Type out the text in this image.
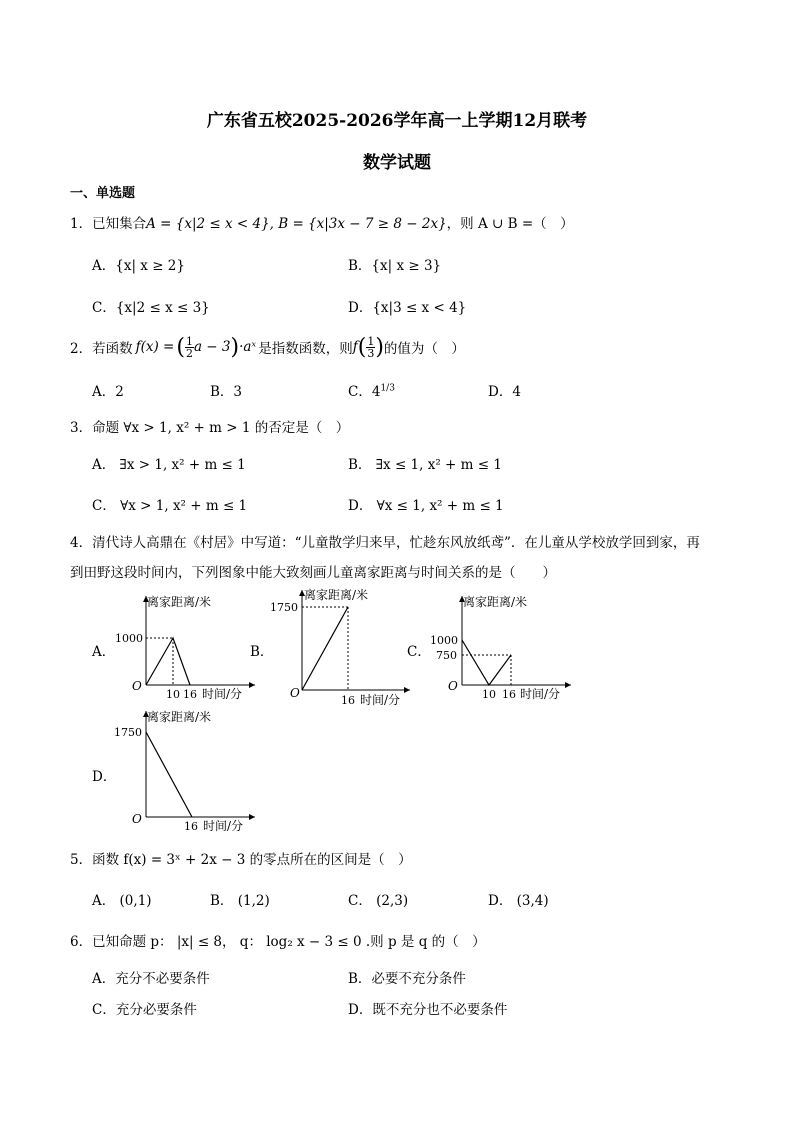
广东省五校2025-2026学年高一上学期12月联考
数学试题
一、单选题
1．已知集合A = {x|2 ≤ x < 4}, B = {x|3x − 7 ≥ 8 − 2x}，则 A ∪ B =（　）
A．{x| x ≥ 2}	B．{x| x ≥ 3}
C．{x|2 ≤ x ≤ 3}	D．{x|3 ≤ x < 4}
2．若函数 f(x) = ( $\frac{1}{2}$ a − 3 ) ·aˣ 是指数函数，则 f ( $\frac{1}{3}$ ) 的值为（　）
A．2	B．3	C．$4^{1/3}$	D．4
3．命题 ∀x > 1, x² + m > 1 的否定是（　）
A． ∃x > 1, x² + m ≤ 1	B． ∃x ≤ 1, x² + m ≤ 1
C． ∀x > 1, x² + m ≤ 1	D． ∀x ≤ 1, x² + m ≤ 1
4．清代诗人高鼎在《村居》中写道：“儿童散学归来早，忙趁东风放纸鸢”．在儿童从学校放学回到家，再
到田野这段时间内，下列图象中能大致刻画儿童离家距离与时间关系的是（　　）
A．
离家距离/米
1000
O
10 16 时间/分
B．
离家距离/米
1750
O
16 时间/分
C．
离家距离/米
1000
750
O
10 16 时间/分
D．
离家距离/米
1750
O
16 时间/分
5．函数 f(x) = 3ˣ + 2x − 3 的零点所在的区间是（　）
A． (0,1)	B． (1,2)	C． (2,3)	D． (3,4)
6．已知命题 p： |x| ≤ 8， q： log₂ x − 3 ≤ 0 .则 p 是 q 的（　）
A．充分不必要条件	B．必要不充分条件
C．充分必要条件	D．既不充分也不必要条件
